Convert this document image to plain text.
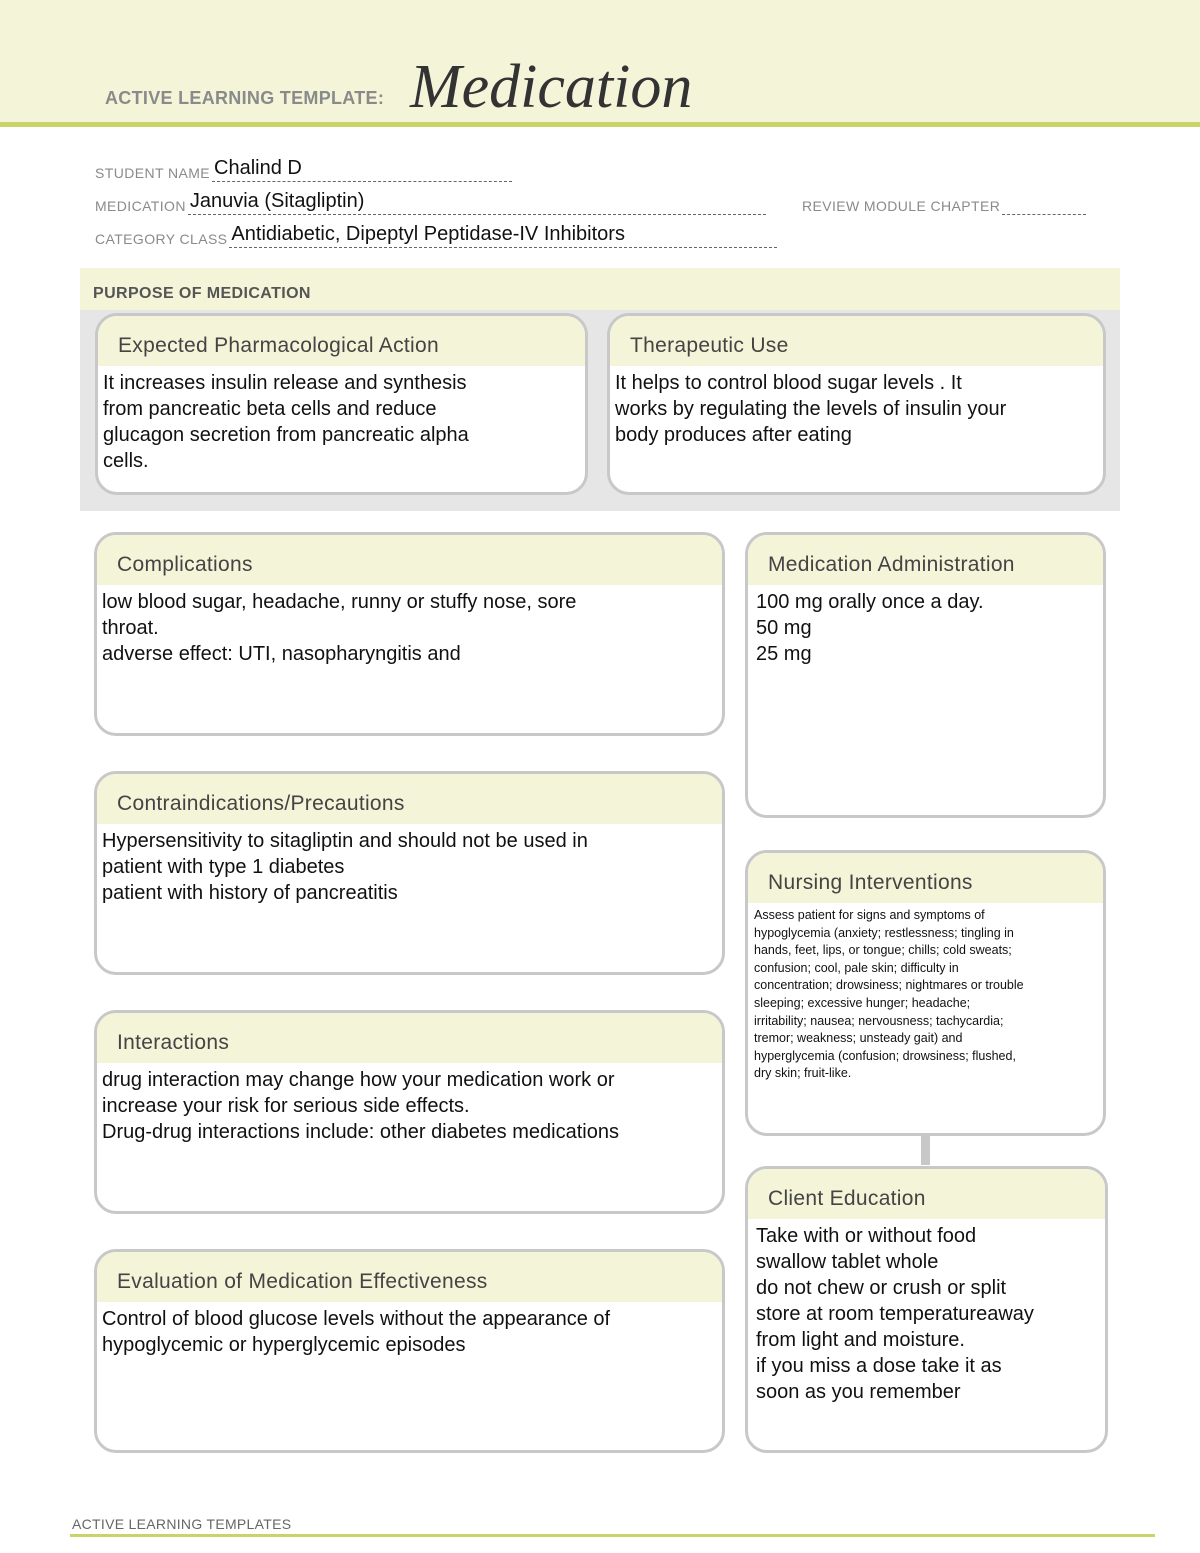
ACTIVE LEARNING TEMPLATE: Medication
STUDENT NAME Chalind D
MEDICATION Januvia (Sitagliptin)	REVIEW MODULE CHAPTER
CATEGORY CLASS Antidiabetic, Dipeptyl Peptidase-IV Inhibitors
PURPOSE OF MEDICATION
Expected Pharmacological Action
It increases insulin release and synthesis
from pancreatic beta cells and reduce
glucagon secretion from pancreatic alpha
cells.
Therapeutic Use
It helps to control blood sugar levels . It
works by regulating the levels of insulin your
body produces after eating
Complications
low blood sugar, headache, runny or stuffy nose, sore
throat.
adverse effect: UTI, nasopharyngitis and
Medication Administration
100 mg orally once a day.
50 mg
25 mg
Contraindications/Precautions
Hypersensitivity to sitagliptin and should not be used in
patient with type 1 diabetes
patient with history of pancreatitis	Nursing Interventions
Assess patient for signs and symptoms of
hypoglycemia (anxiety; restlessness; tingling in
hands, feet, lips, or tongue; chills; cold sweats;
confusion; cool, pale skin; difficulty in
concentration; drowsiness; nightmares or trouble
sleeping; excessive hunger; headache;
irritability; nausea; nervousness; tachycardia;
tremor; weakness; unsteady gait) and
hyperglycemia (confusion; drowsiness; flushed,
dry skin; fruit-like.
Interactions
drug interaction may change how your medication work or
increase your risk for serious side effects.
Drug-drug interactions include: other diabetes medications
Client Education
Take with or without food
swallow tablet whole
do not chew or crush or split
store at room temperatureaway
from light and moisture.
if you miss a dose take it as
soon as you remember
Evaluation of Medication Effectiveness
Control of blood glucose levels without the appearance of
hypoglycemic or hyperglycemic episodes
ACTIVE LEARNING TEMPLATES
